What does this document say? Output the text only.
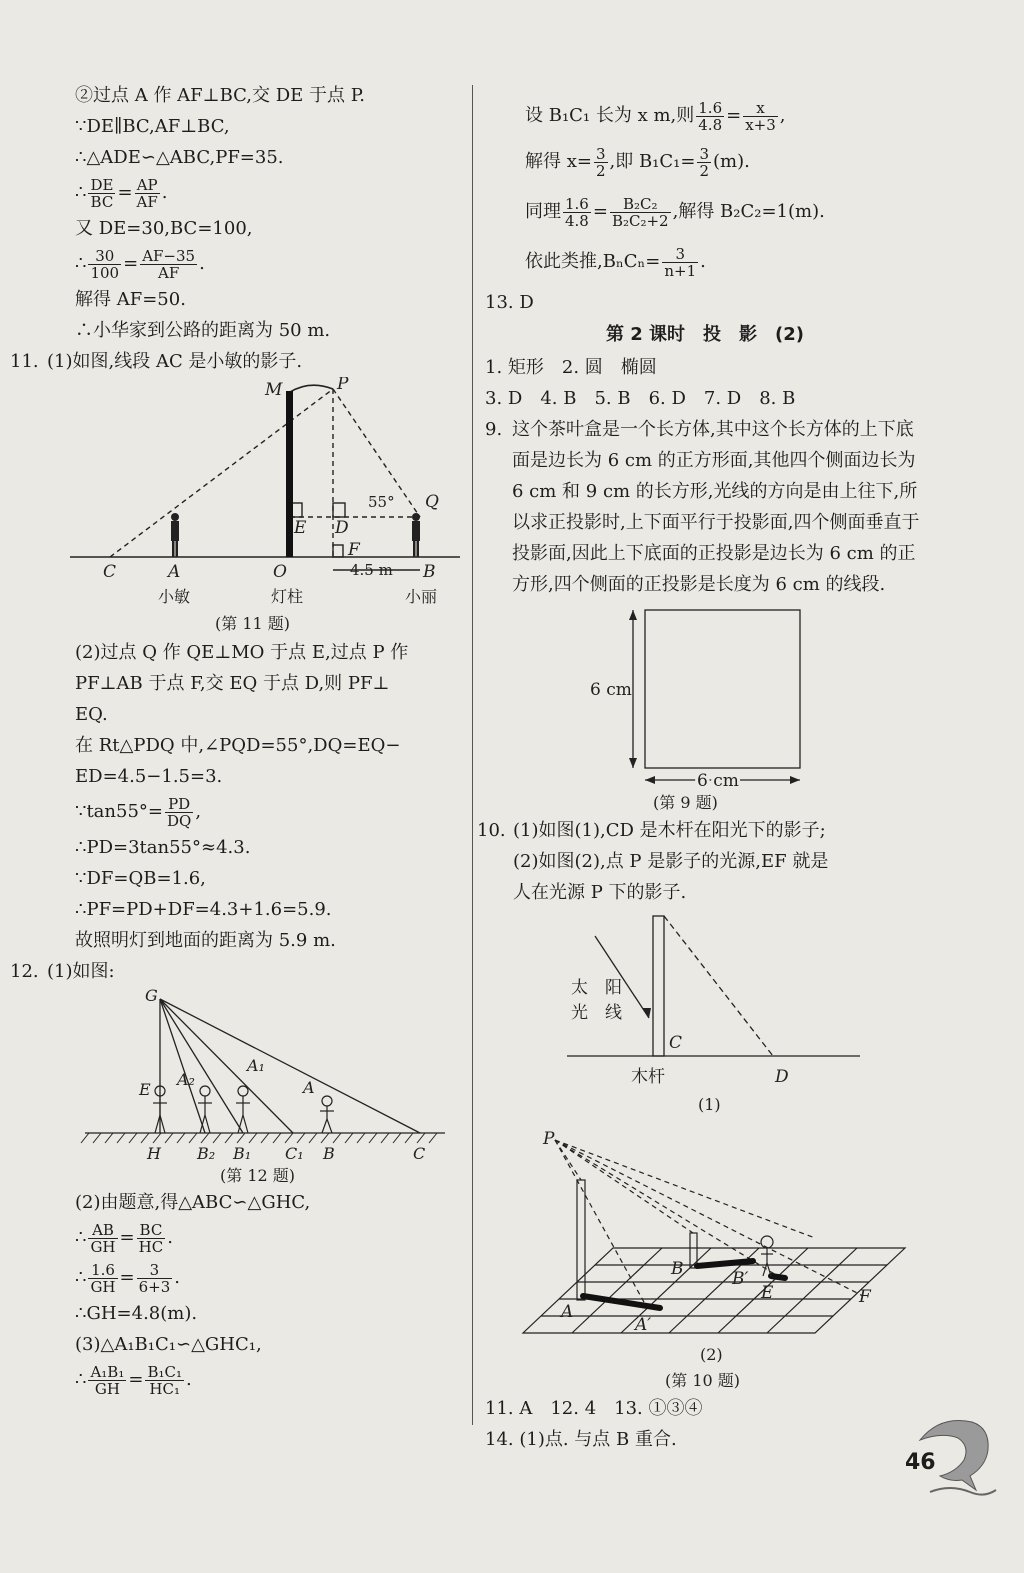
②过点 A 作 AF⊥BC,交 DE 于点 P.
∵DE∥BC,AF⊥BC,
∴△ADE∽△ABC,PF=35.
∴ $\frac{DE}{BC} = \frac{AP}{AF}$ .
又 DE=30,BC=100,
∴ $\frac{30}{100} = \frac{AF-35}{AF}$ .
解得 AF=50.
∴小华家到公路的距离为 50 m.
11. (1)如图,线段 AC 是小敏的影子.
M	P
Q
E D
F
C	A	O	B
55°
4.5 m
小敏	灯柱	小丽
(第 11 题)
(2)过点 Q 作 QE⊥MO 于点 E,过点 P 作
PF⊥AB 于点 F,交 EQ 于点 D,则 PF⊥
EQ.
在 Rt△PDQ 中,∠PQD=55°,DQ=EQ−
ED=4.5−1.5=3.
∵tan55°= $\frac{PD}{DQ}$ ,
∴PD=3tan55°≈4.3.
∵DF=QB=1.6,
∴PF=PD+DF=4.3+1.6=5.9.
故照明灯到地面的距离为 5.9 m.
12. (1)如图:
G
E
A₂
A₁
A
H B₂ B₁ C₁ B	C
(第 12 题)
(2)由题意,得△ABC∽△GHC,
∴ $\frac{AB}{GH} = \frac{BC}{HC}$ .
∴ $\frac{1.6}{GH} = \frac{3}{6+3}$ .
∴GH=4.8(m).
(3)△A₁B₁C₁∽△GHC₁,
∴ $\frac{\text{A₁B₁}}{GH} = \frac{\text{B₁C₁}}{\text{HC₁}}$ .
设 B₁C₁ 长为 x m,则 $\frac{1.6}{4.8} = \frac{x}{x+3}$ ,
解得 $x= \frac{3}{2}$ ,即 $B_1C_1= \frac{3}{2} (m)$.
同理 $\frac{1.6}{4.8} = \frac{\text{B₂C₂}}{\text{B₂C₂+2}}$ ,解得 B₂C₂=1(m).
依此类推$,B_nC_n= \frac{3}{n+1}$ .
13. D
第 2 课时　投　影　(2)
1. 矩形　2. 圆　椭圆
3. D　4. B　5. B　6. D　7. D　8. B
9. 这个茶叶盒是一个长方体,其中这个长方体的上下底面是边长为 6 cm 的正方形面,其他四个侧面边长为 6 cm 和 9 cm 的长方形,光线的方向是由上往下,所以求正投影时,上下面平行于投影面,四个侧面垂直于投影面,因此上下底面的正投影是边长为 6 cm 的正方形,四个侧面的正投影是长度为 6 cm 的线段.
6 cm
6 cm
(第 9 题)
10. (1)如图(1),CD 是木杆在阳光下的影子;
(2)如图(2),点 P 是影子的光源,EF 就是
人在光源 P 下的影子.
太　阳
光　线
C
D
木杆
(1)
P
B	B′
E	F
A
A′
(2)
(第 10 题)
11. A　12. 4　13. ①③④
14. (1)点. 与点 B 重合.
46
